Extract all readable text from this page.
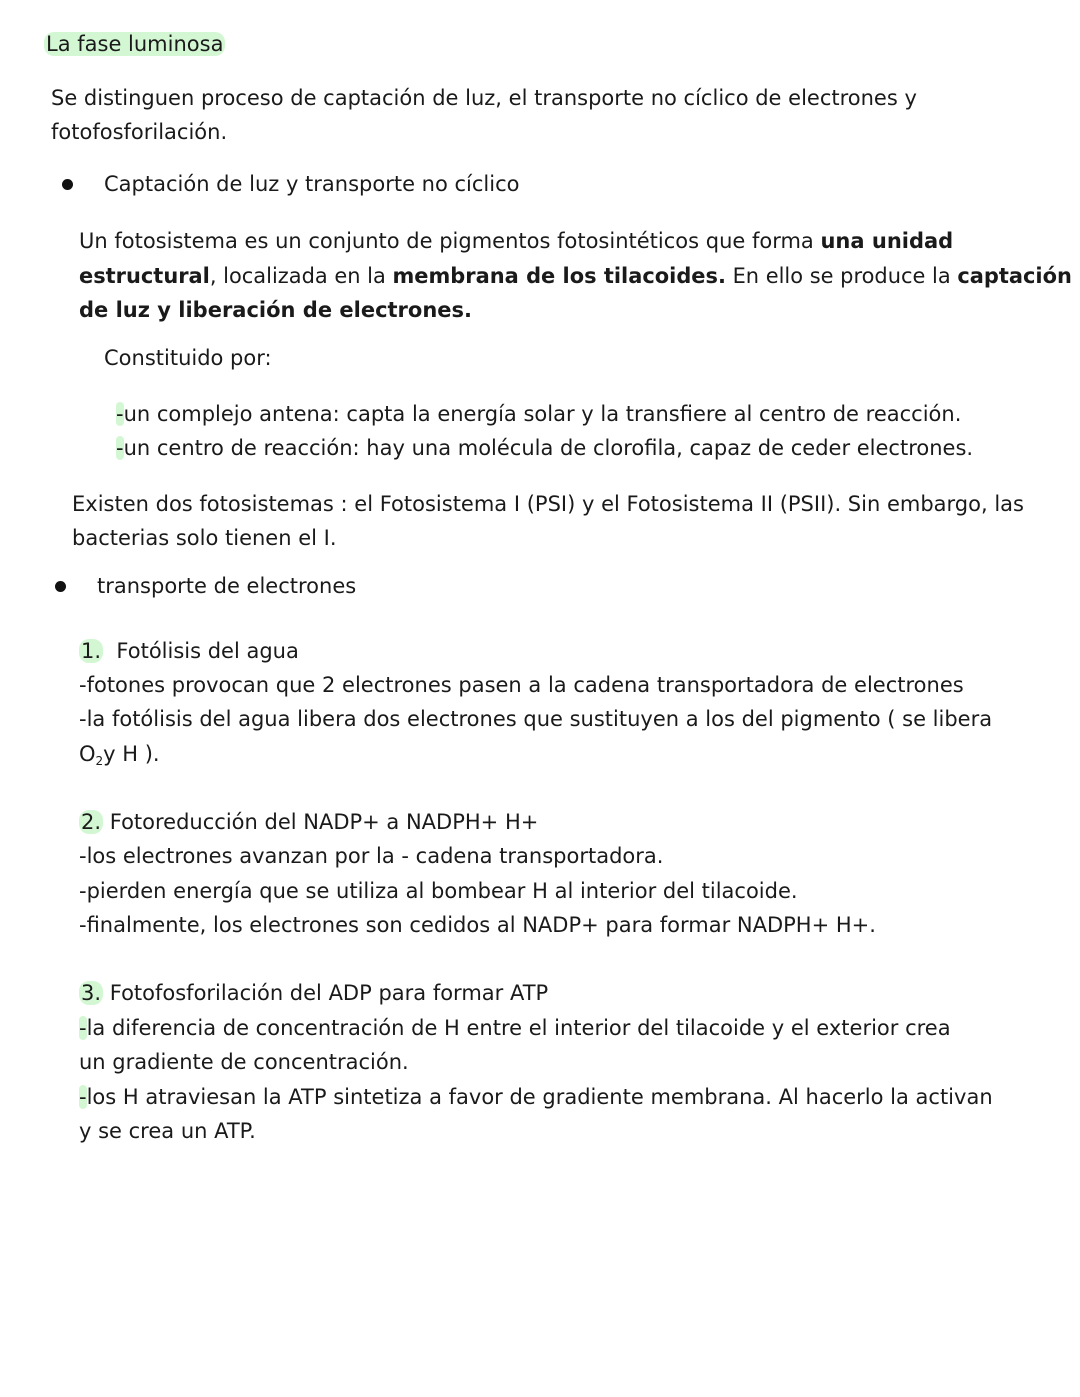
La fase luminosa
Se distinguen proceso de captación de luz, el transporte no cíclico de electrones y
fotofosforilación.
Captación de luz y transporte no cíclico
Un fotosistema es un conjunto de pigmentos fotosintéticos que forma una unidad
estructural, localizada en la membrana de los tilacoides. En ello se produce la captación
de luz y liberación de electrones.
Constituido por:
-un complejo antena: capta la energía solar y la transfiere al centro de reacción.
-un centro de reacción: hay una molécula de clorofila, capaz de ceder electrones.
Existen dos fotosistemas : el Fotosistema I (PSI) y el Fotosistema II (PSII). Sin embargo, las
bacterias solo tienen el I.
transporte de electrones
1. Fotólisis del agua
-fotones provocan que 2 electrones pasen a la cadena transportadora de electrones
-la fotólisis del agua libera dos electrones que sustituyen a los del pigmento ( se libera
$O_2y$ H ).
2. Fotoreducción del NADP+ a NADPH+ H+
-los electrones avanzan por la - cadena transportadora.
-pierden energía que se utiliza al bombear H al interior del tilacoide.
-finalmente, los electrones son cedidos al NADP+ para formar NADPH+ H+.
3. Fotofosforilación del ADP para formar ATP
-la diferencia de concentración de H entre el interior del tilacoide y el exterior crea
un gradiente de concentración.
-los H atraviesan la ATP sintetiza a favor de gradiente membrana. Al hacerlo la activan
y se crea un ATP.
